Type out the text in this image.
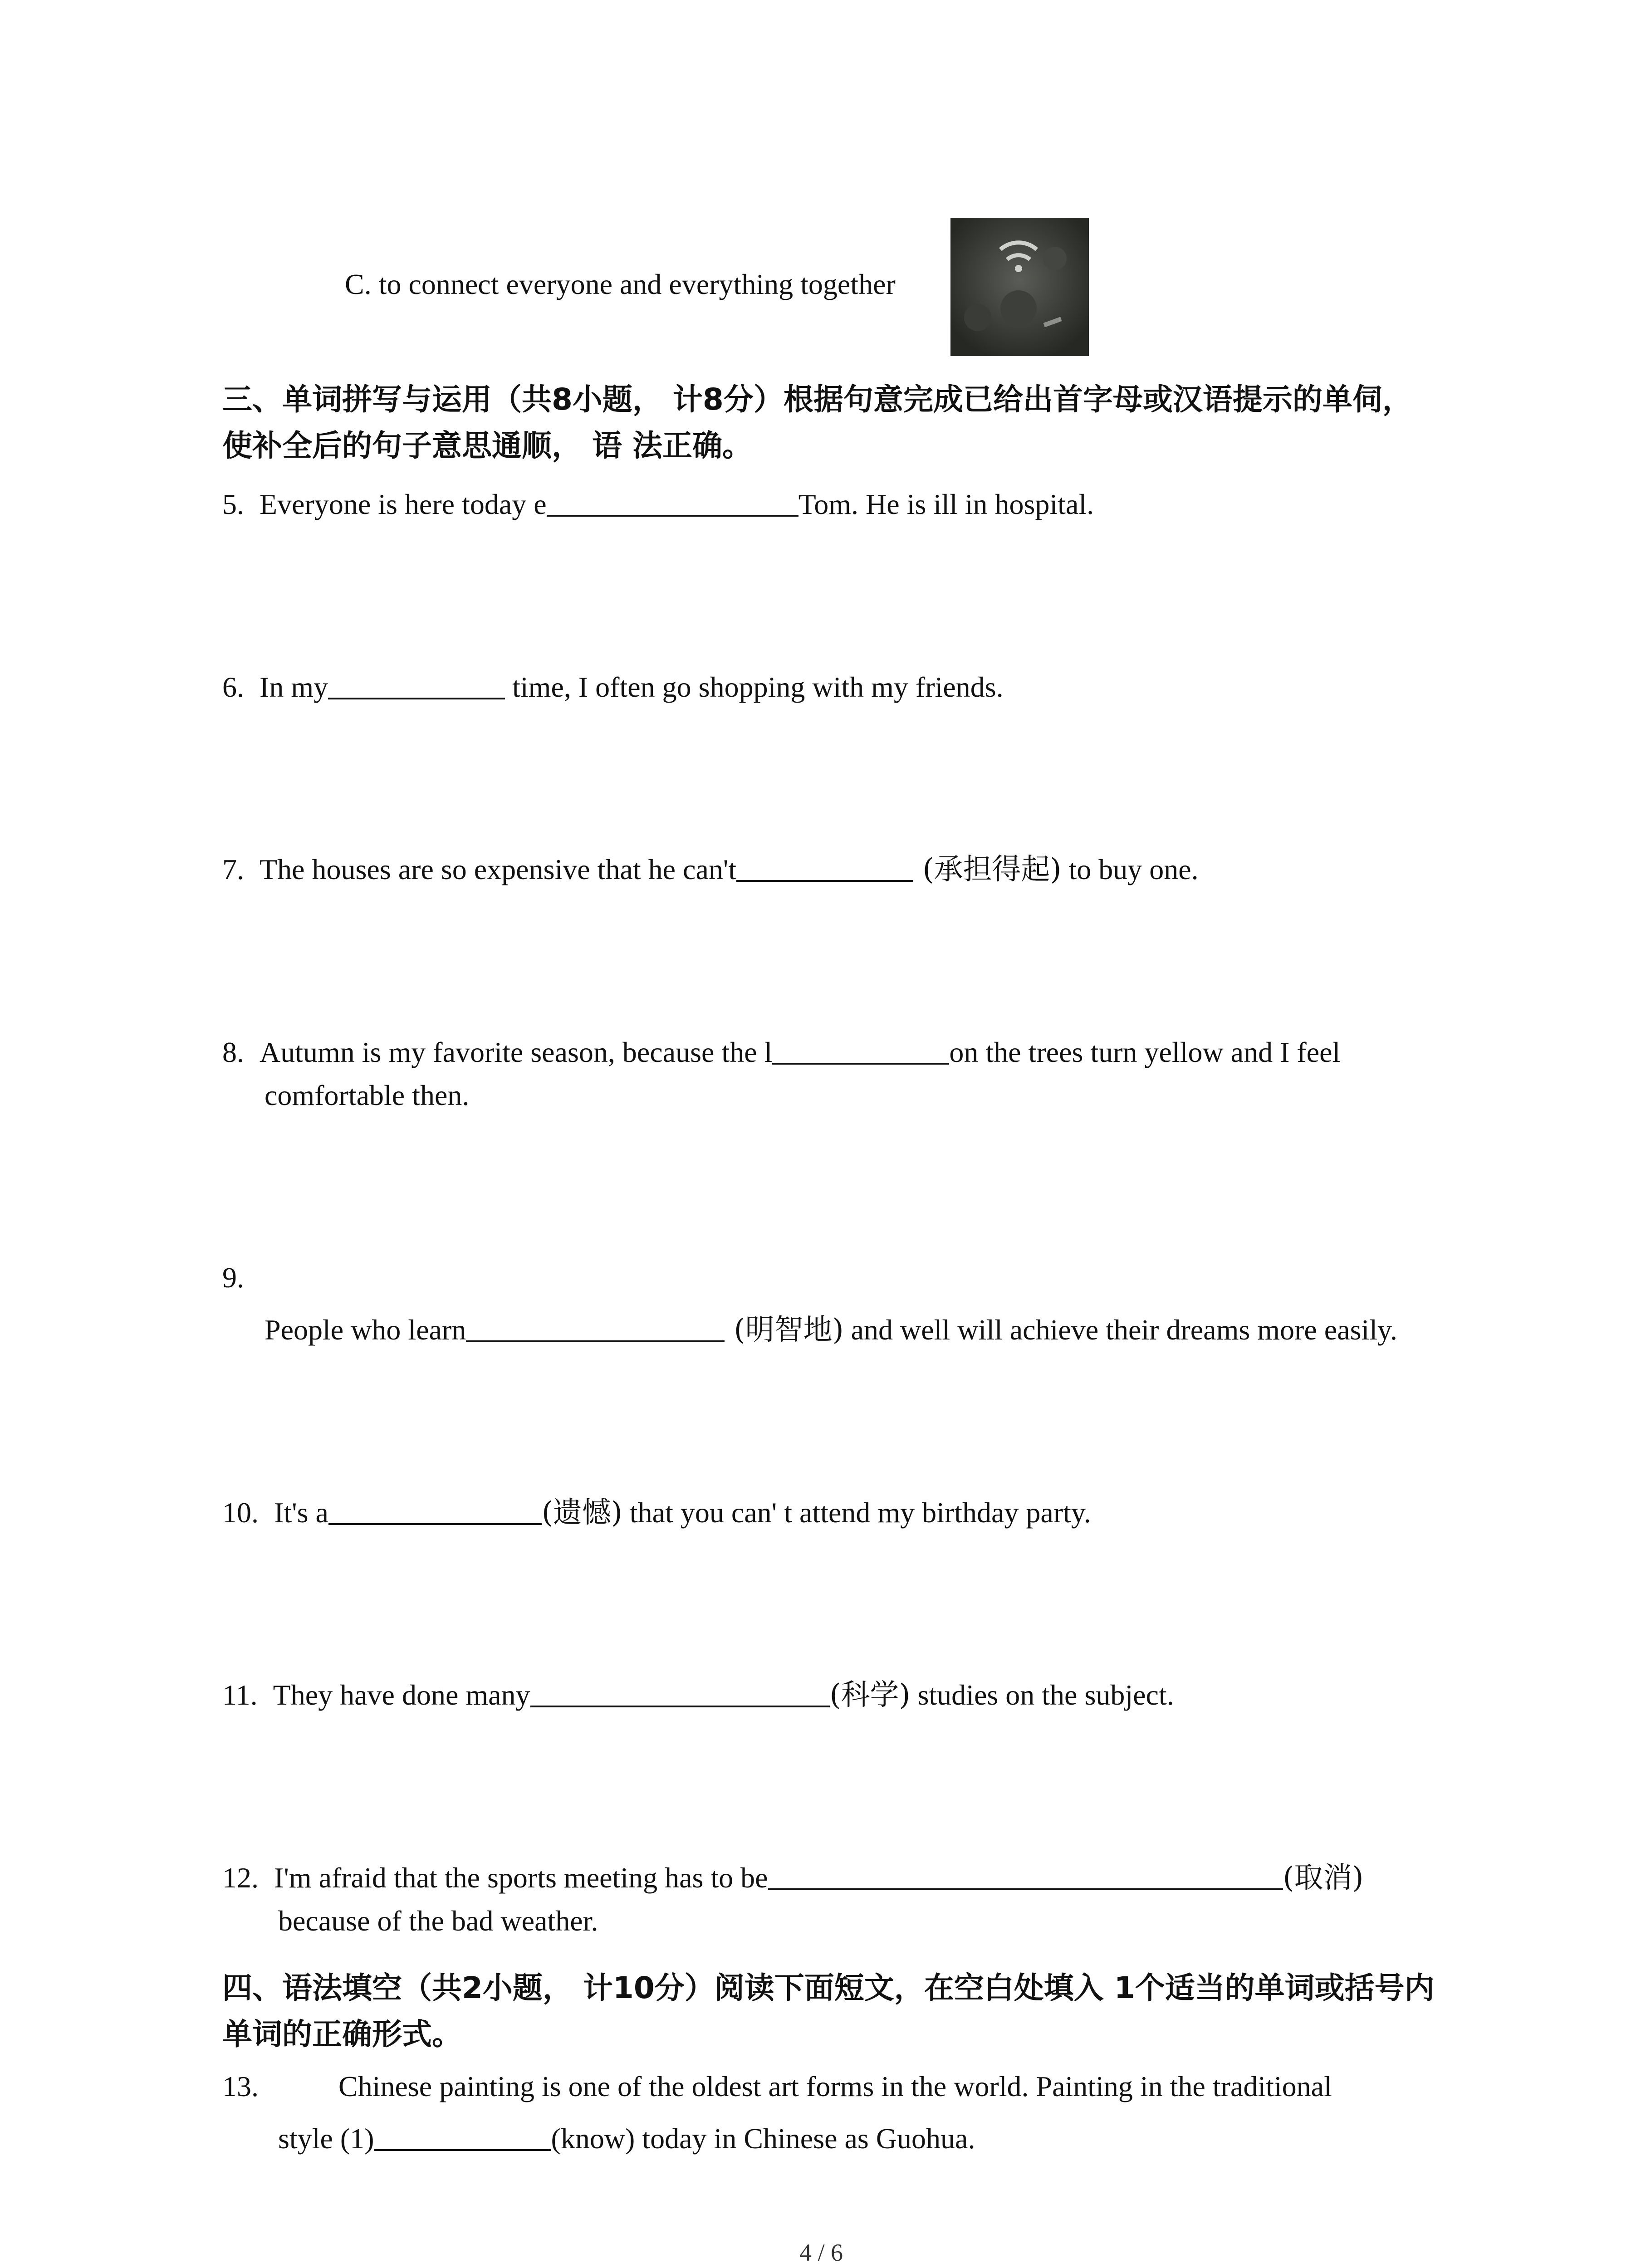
C. to connect everyone and everything together
三、单词拼写与运用（共8小题， 计8分）根据句意完成已给出首字母或汉语提示的单伺，
使补全后的句子意思通顺， 语 法正确。
5. Everyone is here today e	Tom. He is ill in hospital.
6. In my	time, I often go shopping with my friends.
7. The houses are so expensive that he can't	(承担得起) to buy one.
8. Autumn is my favorite season, because the l	on the trees turn yellow and I feel
comfortable then.
9.
People who learn	(明智地) and well will achieve their dreams more easily.
10. It's a	(遗憾) that you can' t attend my birthday party.
11. They have done many	(科学) studies on the subject.
12. I'm afraid that the sports meeting has to be	(取消)
because of the bad weather.
四、语法填空（共2小题， 计10分）阅读下面短文，在空白处填入 1个适当的单词或括号内
单词的正确形式。
13.	Chinese painting is one of the oldest art forms in the world. Painting in the traditional
style (1)	(know) today in Chinese as Guohua.
4 / 6
